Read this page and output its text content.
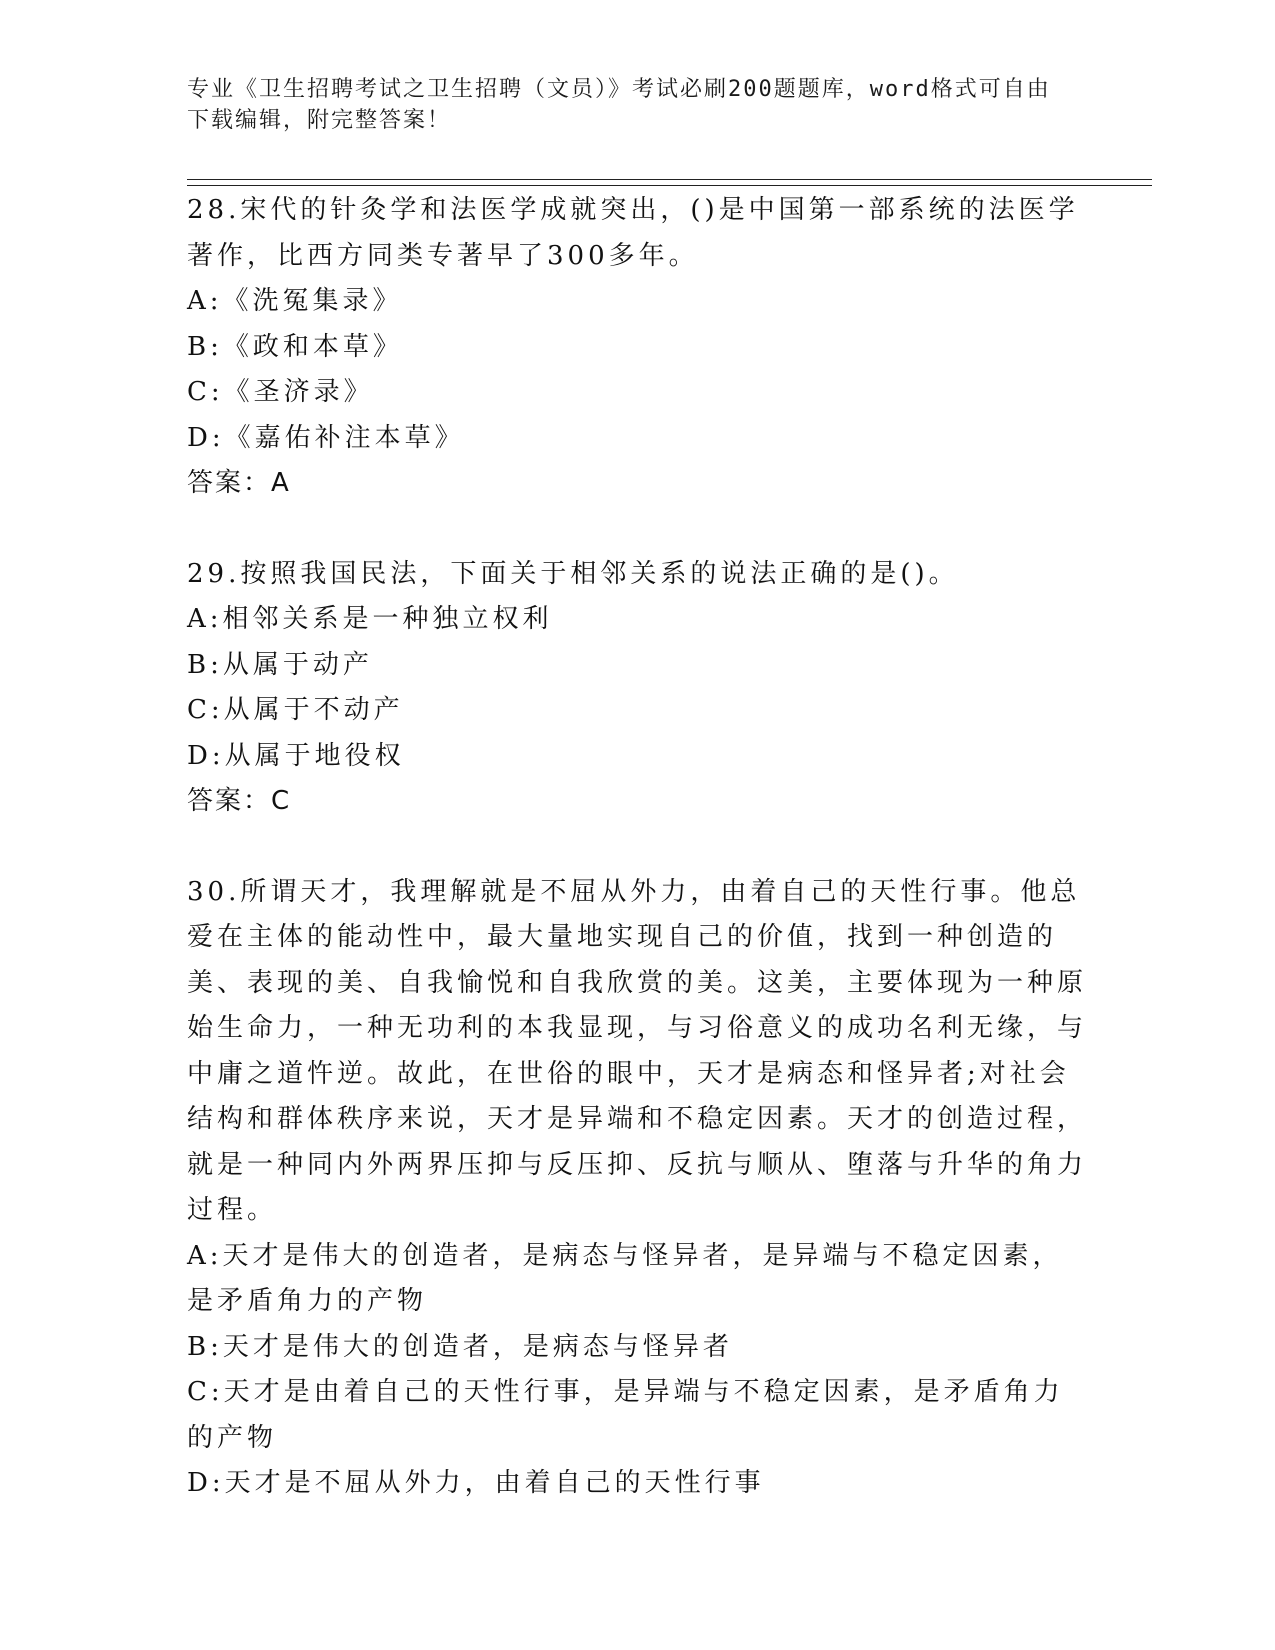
专业《卫生招聘考试之卫生招聘（文员）》考试必刷200题题库，word格式可自由下载编辑，附完整答案！
28.宋代的针灸学和法医学成就突出，()是中国第一部系统的法医学著作，比西方同类专著早了300多年。
A:《洗冤集录》
B:《政和本草》
C:《圣济录》
D:《嘉佑补注本草》
答案：A
29.按照我国民法，下面关于相邻关系的说法正确的是()。
A:相邻关系是一种独立权利
B:从属于动产
C:从属于不动产
D:从属于地役权
答案：C
30.所谓天才，我理解就是不屈从外力，由着自己的天性行事。他总爱在主体的能动性中，最大量地实现自己的价值，找到一种创造的美、表现的美、自我愉悦和自我欣赏的美。这美，主要体现为一种原始生命力，一种无功利的本我显现，与习俗意义的成功名利无缘，与中庸之道忤逆。故此，在世俗的眼中，天才是病态和怪异者;对社会结构和群体秩序来说，天才是异端和不稳定因素。天才的创造过程，就是一种同内外两界压抑与反压抑、反抗与顺从、堕落与升华的角力过程。
A:天才是伟大的创造者，是病态与怪异者，是异端与不稳定因素，是矛盾角力的产物
B:天才是伟大的创造者，是病态与怪异者
C:天才是由着自己的天性行事，是异端与不稳定因素，是矛盾角力的产物
D:天才是不屈从外力，由着自己的天性行事
